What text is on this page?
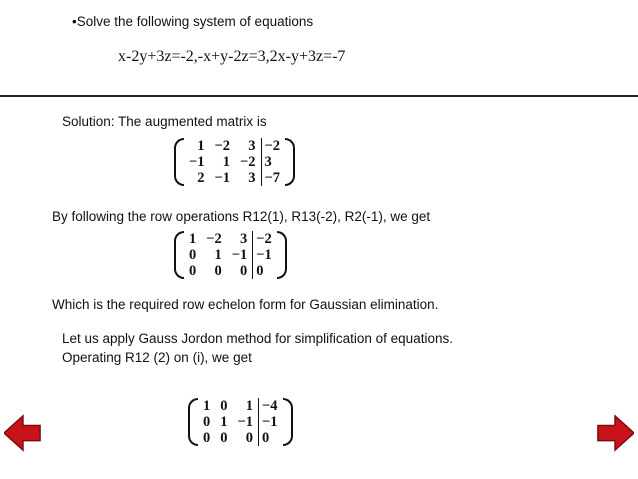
•Solve the following system of equations
x-2y+3z=-2,-x+y-2z=3,2x-y+3z=-7
Solution: The augmented matrix is
1	−2	3	−2
−1	1	−2	3
2	−1	3	−7
By following the row operations R12(1), R13(-2), R2(-1), we get
1	−2	3	−2
0	1	−1	−1
0	0	0	0
Which is the required row echelon form for Gaussian elimination.
Let us apply Gauss Jordon method for simplification of equations.
Operating R12 (2) on (i), we get
1	0	1	−4
0	1	−1	−1
0	0	0	0
